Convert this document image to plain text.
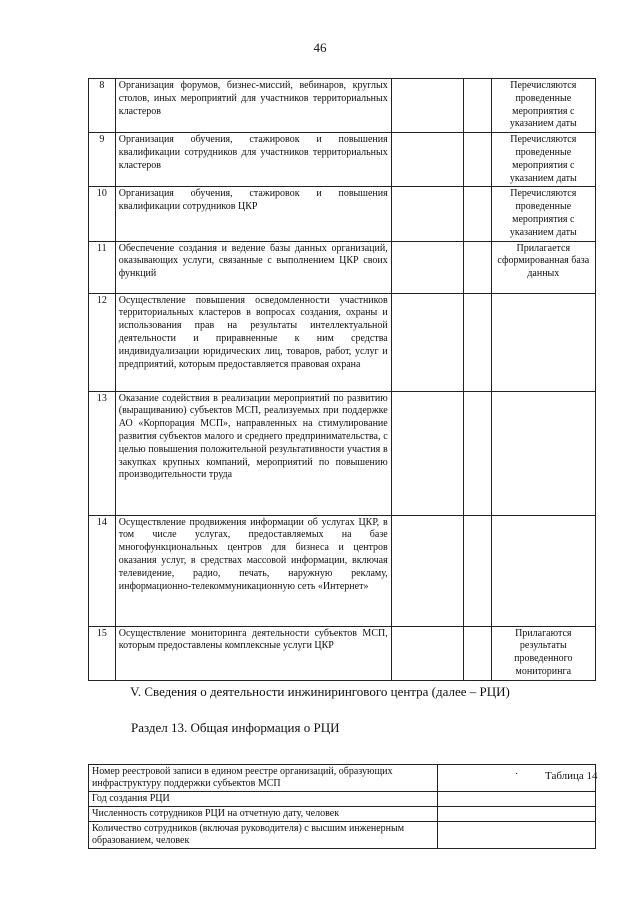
46
8	Организация форумов, бизнес-миссий, вебинаров, круглых столов, иных мероприятий для участников территориальных кластеров			Перечисляются проведенные мероприятия с указанием даты
9	Организация обучения, стажировок и повышения квалификации сотрудников для участников территориальных кластеров			Перечисляются проведенные мероприятия с указанием даты
10	Организация обучения, стажировок и повышения квалификации сотрудников ЦКР			Перечисляются проведенные мероприятия с указанием даты
11	Обеспечение создания и ведение базы данных организаций, оказывающих услуги, связанные с выполнением ЦКР своих функций			Прилагается сформированная база данных
12	Осуществление повышения осведомленности участников территориальных кластеров в вопросах создания, охраны и использования прав на результаты интеллектуальной деятельности и приравненные к ним средства индивидуализации юридических лиц, товаров, работ, услуг и предприятий, которым предоставляется правовая охрана			
13	Оказание содействия в реализации мероприятий по развитию (выращиванию) субъектов МСП, реализуемых при поддержке АО «Корпорация МСП», направленных на стимулирование развития субъектов малого и среднего предпринимательства, с целью повышения положительной результативности участия в закупках крупных компаний, мероприятий по повышению производительности труда			
14	Осуществление продвижения информации об услугах ЦКР, в том числе услугах, предоставляемых на базе многофункциональных центров для бизнеса и центров оказания услуг, в средствах массовой информации, включая телевидение, радио, печать, наружную рекламу, информационно-телекоммуникационную сеть «Интернет»			
15	Осуществление мониторинга деятельности субъектов МСП, которым предоставлены комплексные услуги ЦКР			Прилагаются результаты проведенного мониторинга
V. Сведения о деятельности инжинирингового центра (далее – РЦИ)
Раздел 13. Общая информация о РЦИ
Таблица 14
Номер реестровой записи в едином реестре организаций, образующих инфраструктуру поддержки субъектов МСП	.
Год создания РЦИ	
Численность сотрудников РЦИ на отчетную дату, человек	
Количество сотрудников (включая руководителя) с высшим инженерным образованием, человек	
